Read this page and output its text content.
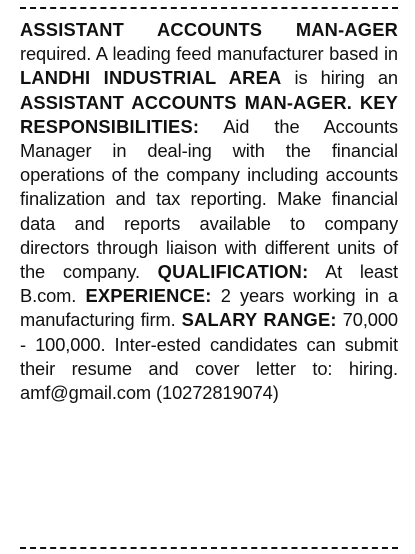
ASSISTANT ACCOUNTS MAN-AGER required. A leading feed manufacturer based in LANDHI INDUSTRIAL AREA is hiring an ASSISTANT ACCOUNTS MAN-AGER. KEY RESPONSIBILITIES: Aid the Accounts Manager in deal-ing with the financial operations of the company including accounts finalization and tax reporting. Make financial data and reports available to company directors through liaison with different units of the company. QUALIFICATION: At least B.com. EXPERIENCE: 2 years working in a manufacturing firm. SALARY RANGE: 70,000 - 100,000. Inter-ested candidates can submit their resume and cover letter to: hiring. amf@gmail.com (10272819074)
